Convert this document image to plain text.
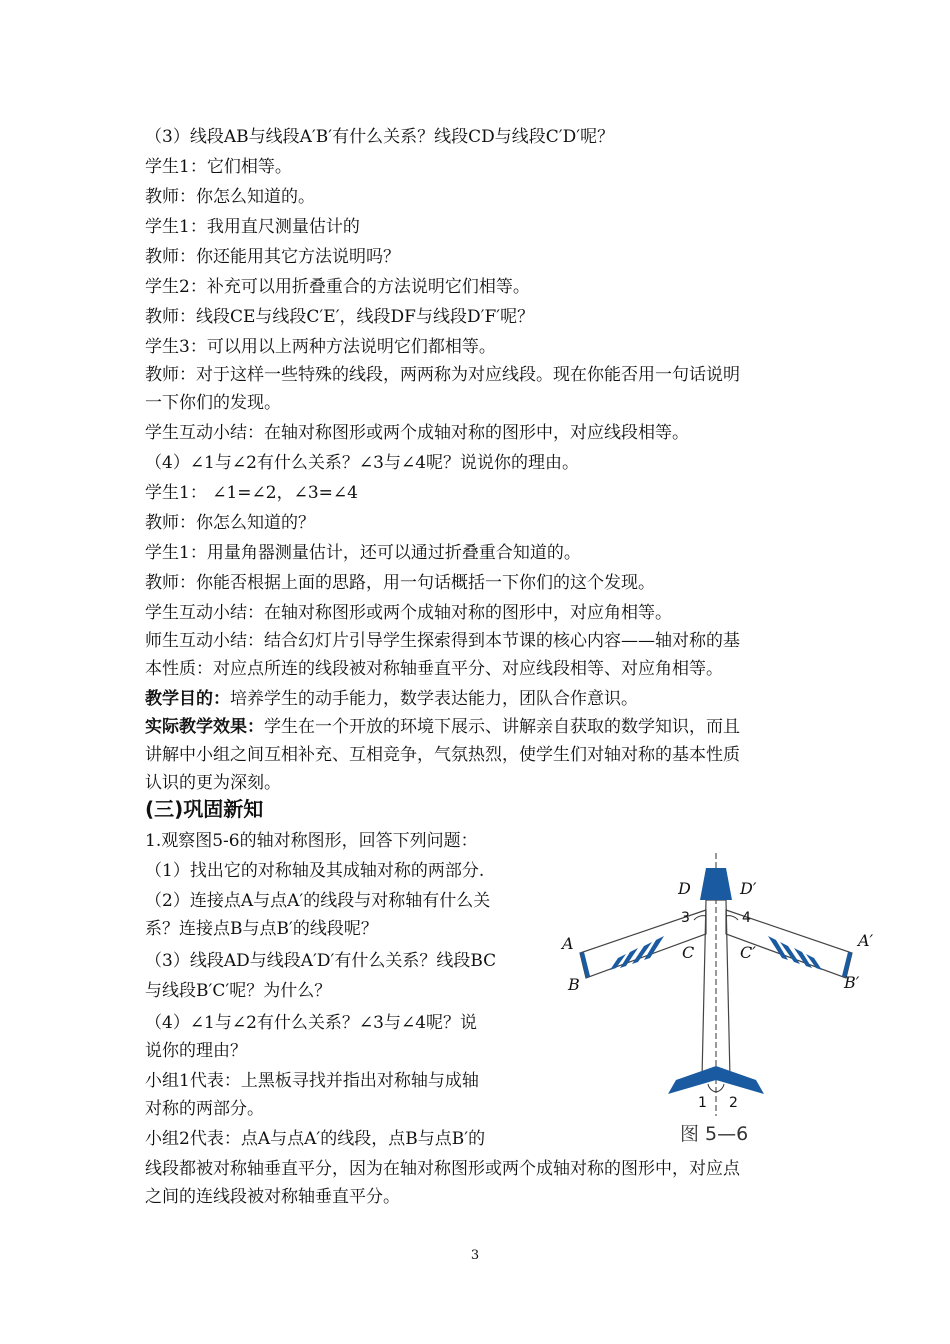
（3）线段AB与线段A′B′有什么关系？线段CD与线段C′D′呢？
学生1：它们相等。
教师：你怎么知道的。
学生1：我用直尺测量估计的
教师：你还能用其它方法说明吗？
学生2：补充可以用折叠重合的方法说明它们相等。
教师：线段CE与线段C′E′，线段DF与线段D′F′呢？
学生3：可以用以上两种方法说明它们都相等。
教师：对于这样一些特殊的线段，两两称为对应线段。现在你能否用一句话说明
一下你们的发现。
学生互动小结：在轴对称图形或两个成轴对称的图形中，对应线段相等。
（4）∠1与∠2有什么关系？∠3与∠4呢？说说你的理由。
学生1： ∠1=∠2，∠3=∠4
教师：你怎么知道的？
学生1：用量角器测量估计，还可以通过折叠重合知道的。
教师：你能否根据上面的思路，用一句话概括一下你们的这个发现。
学生互动小结：在轴对称图形或两个成轴对称的图形中，对应角相等。
师生互动小结：结合幻灯片引导学生探索得到本节课的核心内容——轴对称的基
本性质：对应点所连的线段被对称轴垂直平分、对应线段相等、对应角相等。
教学目的：培养学生的动手能力，数学表达能力，团队合作意识。
实际教学效果：学生在一个开放的环境下展示、讲解亲自获取的数学知识，而且
讲解中小组之间互相补充、互相竞争，气氛热烈，使学生们对轴对称的基本性质
认识的更为深刻。
(三)巩固新知
1.观察图5-6的轴对称图形，回答下列问题：
（1）找出它的对称轴及其成轴对称的两部分.
（2）连接点A与点A′的线段与对称轴有什么关
系？连接点B与点B′的线段呢？
（3）线段AD与线段A′D′有什么关系？线段BC
与线段B′C′呢？为什么？
（4）∠1与∠2有什么关系？∠3与∠4呢？说
说你的理由？
小组1代表：上黑板寻找并指出对称轴与成轴
对称的两部分。
小组2代表：点A与点A′的线段，点B与点B′的
线段都被对称轴垂直平分，因为在轴对称图形或两个成轴对称的图形中，对应点
之间的连线段被对称轴垂直平分。
D	D′
3	4
A	A′
C	C′
B	B′
1 2
图 5—6
3
